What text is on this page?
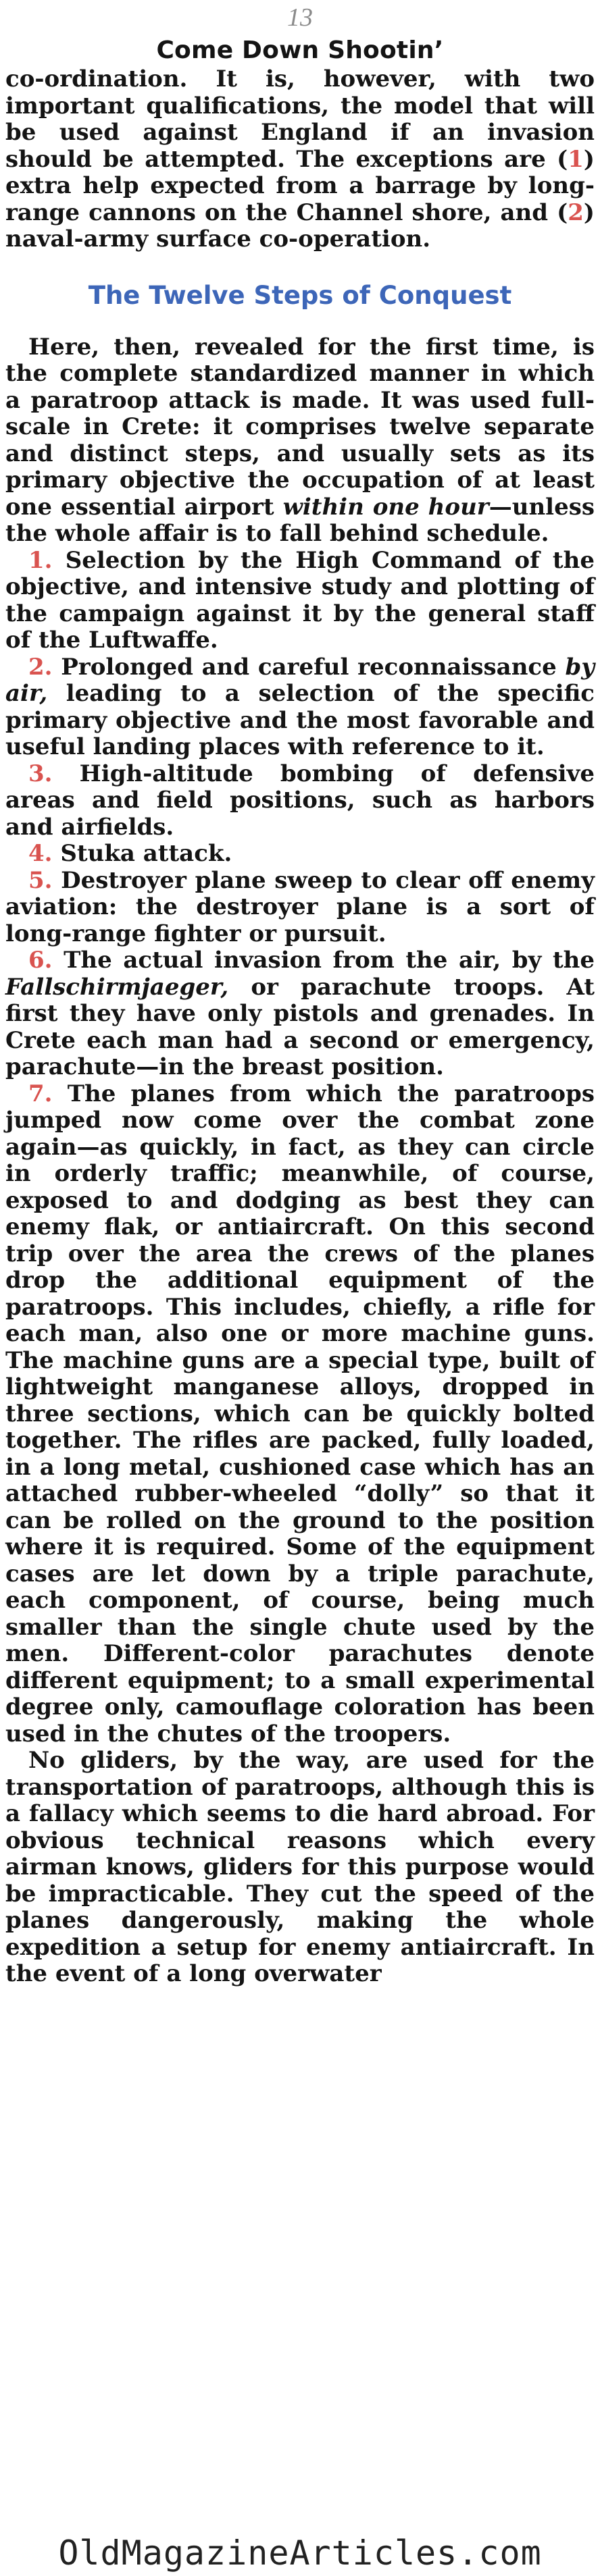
13
Come Down Shootin’

co-ordination. It is, however, with two important qualifications, the model that will be used against England if an invasion should be attempted. The exceptions are (1) extra help expected from a barrage by long-range cannons on the Channel shore, and (2) naval-army surface co-operation.

The Twelve Steps of Conquest

Here, then, revealed for the first time, is the complete standardized manner in which a paratroop attack is made. It was used full-scale in Crete: it comprises twelve separate and distinct steps, and usually sets as its primary objective the occupation of at least one essential airport within one hour—unless the whole affair is to fall behind schedule.

1. Selection by the High Command of the objective, and intensive study and plotting of the campaign against it by the general staff of the Luftwaffe.

2. Prolonged and careful reconnaissance by air, leading to a selection of the specific primary objective and the most favorable and useful landing places with reference to it.

3. High-altitude bombing of defensive areas and field positions, such as harbors and airfields.

4. Stuka attack.

5. Destroyer plane sweep to clear off enemy aviation: the destroyer plane is a sort of long-range fighter or pursuit.

6. The actual invasion from the air, by the Fallschirmjaeger, or parachute troops. At first they have only pistols and grenades. In Crete each man had a second or emergency, parachute—in the breast position.

7. The planes from which the paratroops jumped now come over the combat zone again—as quickly, in fact, as they can circle in orderly traffic; meanwhile, of course, exposed to and dodging as best they can enemy flak, or antiaircraft. On this second trip over the area the crews of the planes drop the additional equipment of the paratroops. This includes, chiefly, a rifle for each man, also one or more machine guns. The machine guns are a special type, built of lightweight manganese alloys, dropped in three sections, which can be quickly bolted together. The rifles are packed, fully loaded, in a long metal, cushioned case which has an attached rubber-wheeled “dolly” so that it can be rolled on the ground to the position where it is required. Some of the equipment cases are let down by a triple parachute, each component, of course, being much smaller than the single chute used by the men. Different-color parachutes denote different equipment; to a small experimental degree only, camouflage coloration has been used in the chutes of the troopers.

No gliders, by the way, are used for the transportation of paratroops, although this is a fallacy which seems to die hard abroad. For obvious technical reasons which every airman knows, gliders for this purpose would be impracticable. They cut the speed of the planes dangerously, making the whole expedition a setup for enemy antiaircraft. In the event of a long overwater

OldMagazineArticles.com
